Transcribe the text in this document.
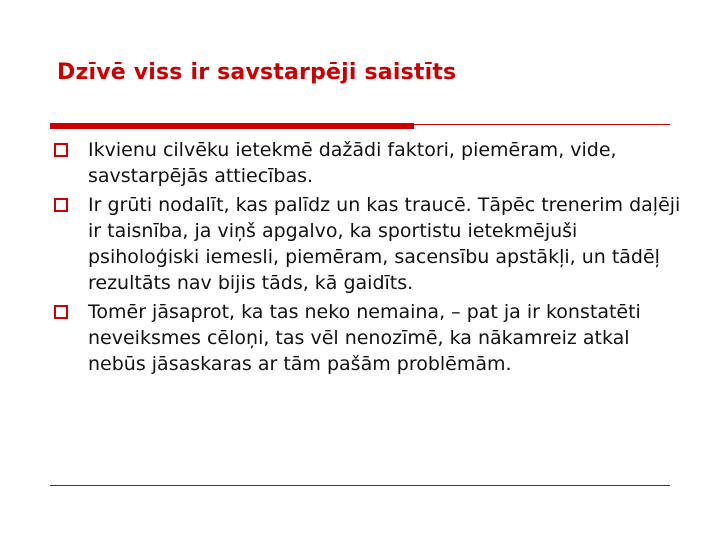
Dzīvē viss ir savstarpēji saistīts
Ikvienu cilvēku ietekmē dažādi faktori, piemēram, vide, savstarpējās attiecības.
Ir grūti nodalīt, kas palīdz un kas traucē. Tāpēc trenerim daļēji ir taisnība, ja viņš apgalvo, ka sportistu ietekmējuši psiholoģiski iemesli, piemēram, sacensību apstākļi, un tādēļ rezultāts nav bijis tāds, kā gaidīts.
Tomēr jāsaprot, ka tas neko nemaina, – pat ja ir konstatēti neveiksmes cēloņi, tas vēl nenozīmē, ka nākamreiz atkal nebūs jāsaskaras ar tām pašām problēmām.
